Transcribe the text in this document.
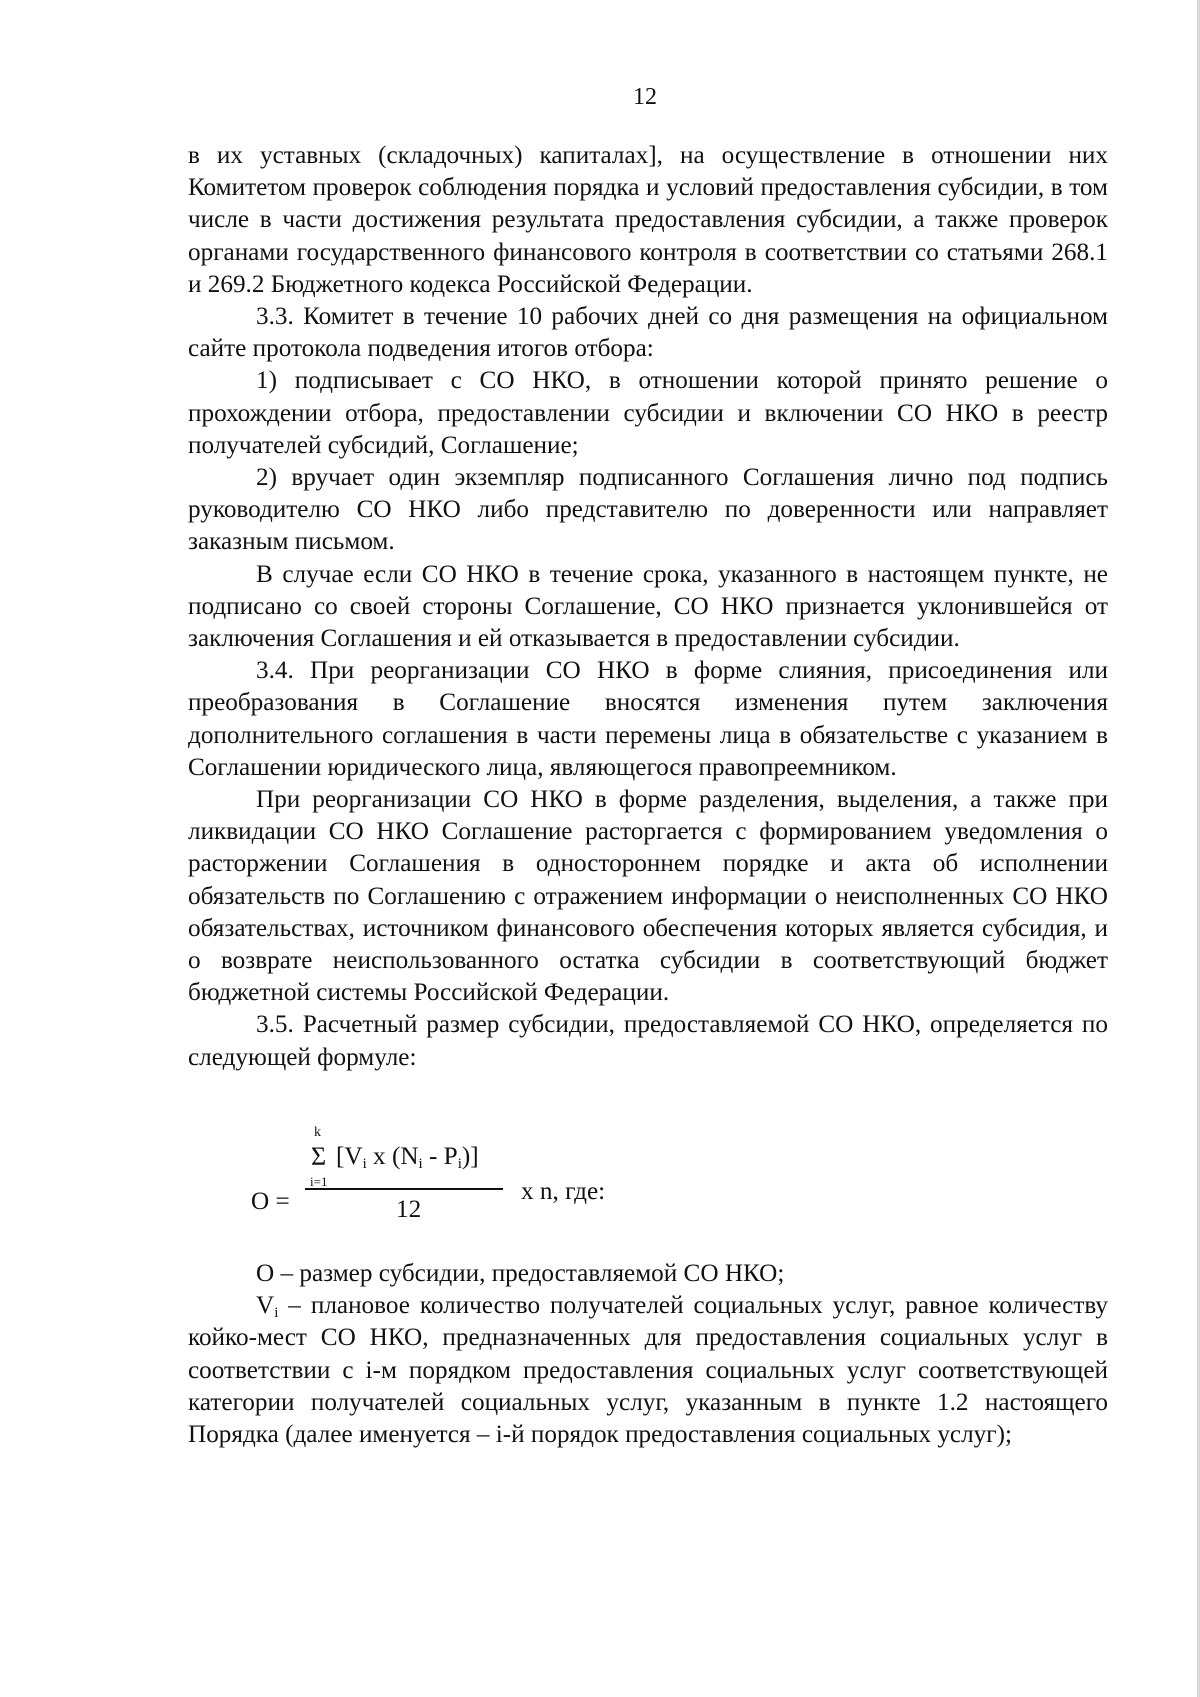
12

в их уставных (складочных) капиталах], на осуществление в отношении них Комитетом проверок соблюдения порядка и условий предоставления субсидии, в том числе в части достижения результата предоставления субсидии, а также проверок органами государственного финансового контроля в соответствии со статьями 268.1 и 269.2 Бюджетного кодекса Российской Федерации.

3.3. Комитет в течение 10 рабочих дней со дня размещения на официальном сайте протокола подведения итогов отбора:

1) подписывает с СО НКО, в отношении которой принято решение о прохождении отбора, предоставлении субсидии и включении СО НКО в реестр получателей субсидий, Соглашение;

2) вручает один экземпляр подписанного Соглашения лично под подпись руководителю СО НКО либо представителю по доверенности или направляет заказным письмом.

В случае если СО НКО в течение срока, указанного в настоящем пункте, не подписано со своей стороны Соглашение, СО НКО признается уклонившейся от заключения Соглашения и ей отказывается в предоставлении субсидии.

3.4. При реорганизации СО НКО в форме слияния, присоединения или преобразования в Соглашение вносятся изменения путем заключения дополнительного соглашения в части перемены лица в обязательстве с указанием в Соглашении юридического лица, являющегося правопреемником.

При реорганизации СО НКО в форме разделения, выделения, а также при ликвидации СО НКО Соглашение расторгается с формированием уведомления о расторжении Соглашения в одностороннем порядке и акта об исполнении обязательств по Соглашению с отражением информации о неисполненных СО НКО обязательствах, источником финансового обеспечения которых является субсидия, и о возврате неиспользованного остатка субсидии в соответствующий бюджет бюджетной системы Российской Федерации.

3.5. Расчетный размер субсидии, предоставляемой СО НКО, определяется по следующей формуле:

О =
k
Σ
i=1
[$V_i$ x $(N_i - P_i)$]
12
x n, где:

О – размер субсидии, предоставляемой СО НКО;

$V_i$ – плановое количество получателей социальных услуг, равное количеству койко-мест СО НКО, предназначенных для предоставления социальных услуг в соответствии с i-м порядком предоставления социальных услуг соответствующей категории получателей социальных услуг, указанным в пункте 1.2 настоящего Порядка (далее именуется – i-й порядок предоставления социальных услуг);
